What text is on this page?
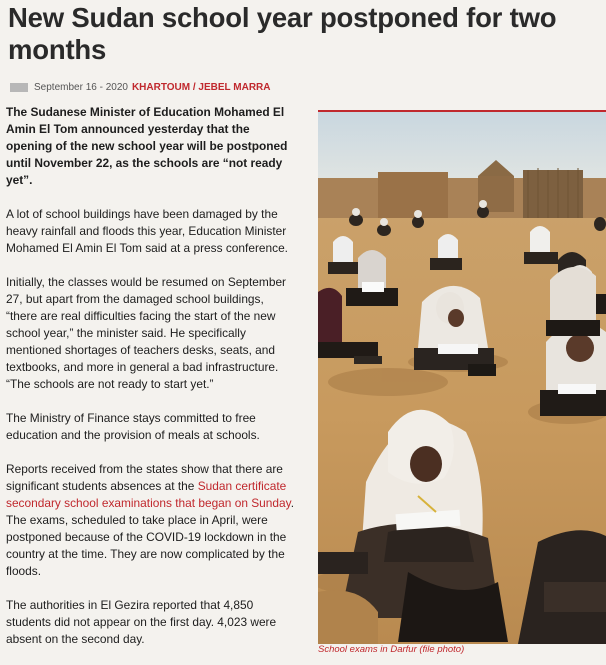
New Sudan school year postponed for two months
September 16 - 2020 KHARTOUM / JEBEL MARRA

The Sudanese Minister of Education Mohamed El Amin El Tom announced yesterday that the opening of the new school year will be postponed until November 22, as the schools are “not ready yet”.

A lot of school buildings have been damaged by the heavy rainfall and floods this year, Education Minister Mohamed El Amin El Tom said at a press conference.

Initially, the classes would be resumed on September 27, but apart from the damaged school buildings, “there are real difficulties facing the start of the new school year,” the minister said. He specifically mentioned shortages of teachers desks, seats, and textbooks, and more in general a bad infrastructure. “The schools are not ready to start yet.”

The Ministry of Finance stays committed to free education and the provision of meals at schools.

Reports received from the states show that there are significant students absences at the Sudan certificate secondary school examinations that began on Sunday. The exams, scheduled to take place in April, were postponed because of the COVID-19 lockdown in the country at the time. They are now complicated by the floods.

The authorities in El Gezira reported that 4,850 students did not appear on the first day. 4,023 were absent on the second day.

School exams in Darfur (file photo)
